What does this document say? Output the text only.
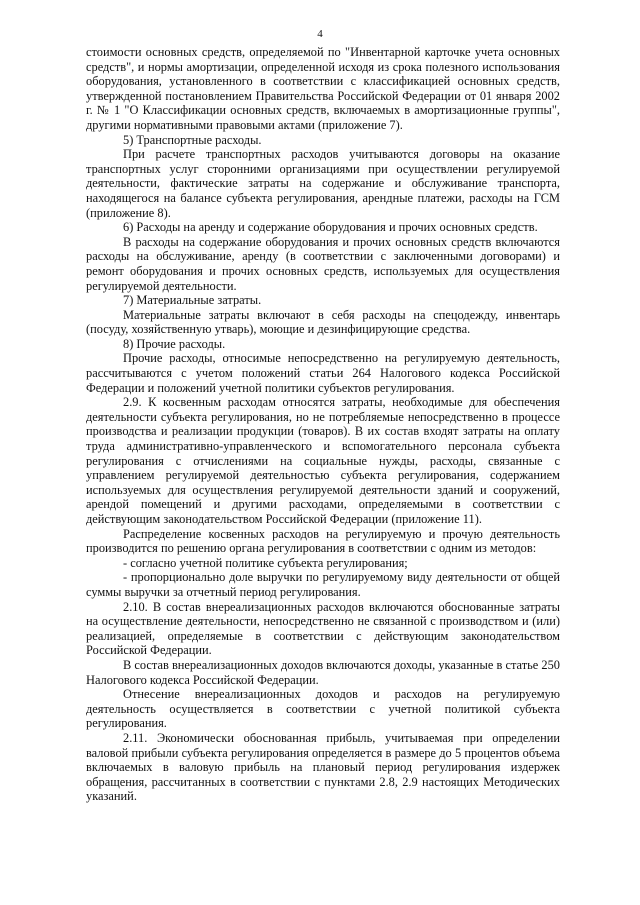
4

стоимости основных средств, определяемой по "Инвентарной карточке учета основных средств", и нормы амортизации, определенной исходя из срока полезного использования оборудования, установленного в соответствии с классификацией основных средств, утвержденной постановлением Правительства Российской Федерации от 01 января 2002 г. № 1 "О Классификации основных средств, включаемых в амортизационные группы", другими нормативными правовыми актами (приложение 7).

5) Транспортные расходы.

При расчете транспортных расходов учитываются договоры на оказание транспортных услуг сторонними организациями при осуществлении регулируемой деятельности, фактические затраты на содержание и обслуживание транспорта, находящегося на балансе субъекта регулирования, арендные платежи, расходы на ГСМ (приложение 8).

6) Расходы на аренду и содержание оборудования и прочих основных средств.

В расходы на содержание оборудования и прочих основных средств включаются расходы на обслуживание, аренду (в соответствии с заключенными договорами) и ремонт оборудования и прочих основных средств, используемых для осуществления регулируемой деятельности.

7) Материальные затраты.

Материальные затраты включают в себя расходы на спецодежду, инвентарь (посуду, хозяйственную утварь), моющие и дезинфицирующие средства.

8) Прочие расходы.

Прочие расходы, относимые непосредственно на регулируемую деятельность, рассчитываются с учетом положений статьи 264 Налогового кодекса Российской Федерации и положений учетной политики субъектов регулирования.

2.9. К косвенным расходам относятся затраты, необходимые для обеспечения деятельности субъекта регулирования, но не потребляемые непосредственно в процессе производства и реализации продукции (товаров). В их состав входят затраты на оплату труда административно-управленческого и вспомогательного персонала субъекта регулирования с отчислениями на социальные нужды, расходы, связанные с управлением регулируемой деятельностью субъекта регулирования, содержанием используемых для осуществления регулируемой деятельности зданий и сооружений, арендой помещений и другими расходами, определяемыми в соответствии с действующим законодательством Российской Федерации (приложение 11).

Распределение косвенных расходов на регулируемую и прочую деятельность производится по решению органа регулирования в соответствии с одним из методов:

- согласно учетной политике субъекта регулирования;

- пропорционально доле выручки по регулируемому виду деятельности от общей суммы выручки за отчетный период регулирования.

2.10. В состав внереализационных расходов включаются обоснованные затраты на осуществление деятельности, непосредственно не связанной с производством и (или) реализацией, определяемые в соответствии с действующим законодательством Российской Федерации.

В состав внереализационных доходов включаются доходы, указанные в статье 250 Налогового кодекса Российской Федерации.

Отнесение внереализационных доходов и расходов на регулируемую деятельность осуществляется в соответствии с учетной политикой субъекта регулирования.

2.11. Экономически обоснованная прибыль, учитываемая при определении валовой прибыли субъекта регулирования определяется в размере до 5 процентов объема включаемых в валовую прибыль на плановый период регулирования издержек обращения, рассчитанных в соответствии с пунктами 2.8, 2.9 настоящих Методических указаний.
